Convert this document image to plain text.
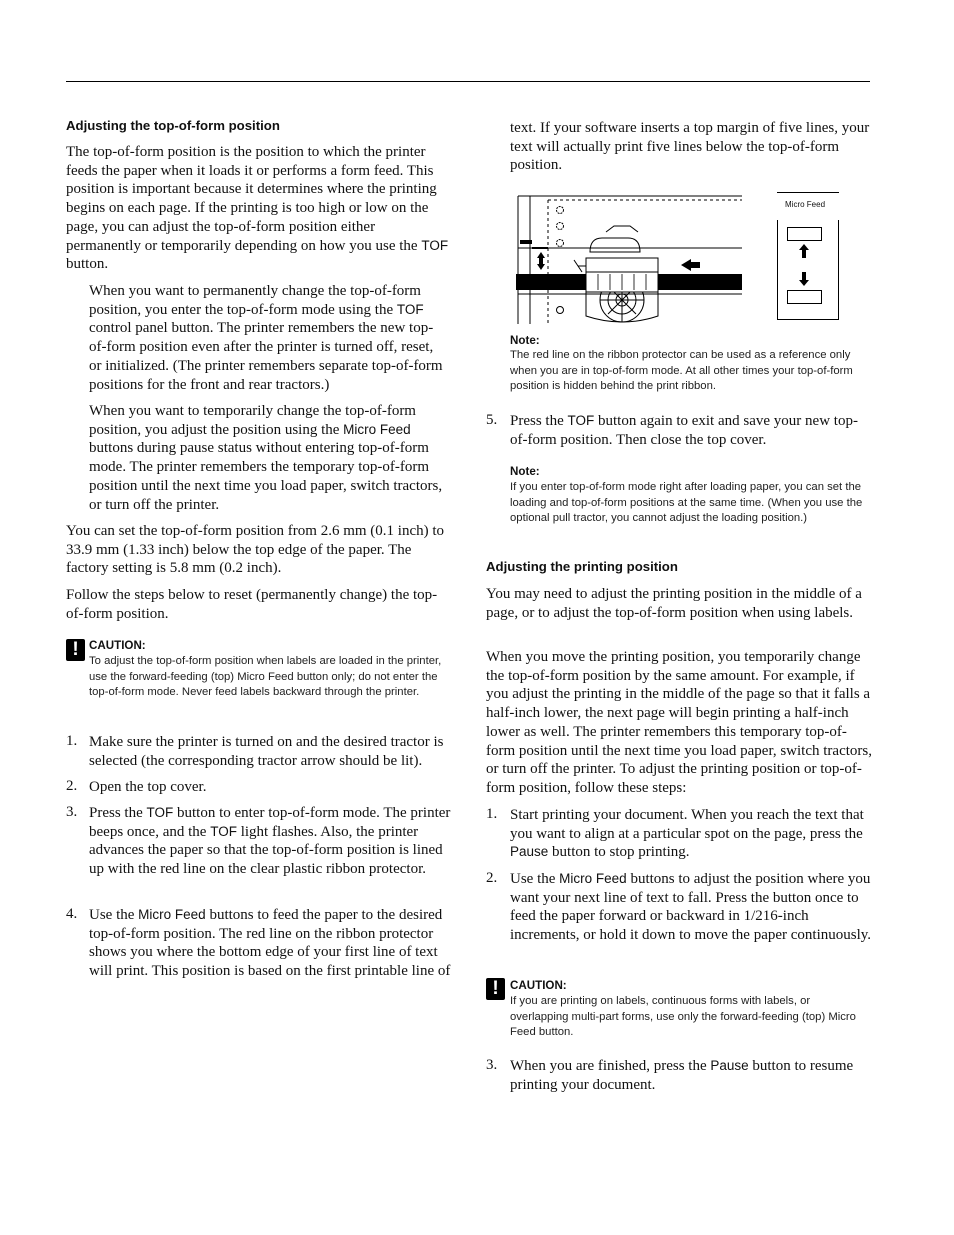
Adjusting the top-of-form position

The top-of-form position is the position to which the printer feeds the paper when it loads it or performs a form feed. This position is important because it determines where the printing begins on each page. If the printing is too high or low on the page, you can adjust the top-of-form position either permanently or temporarily depending on how you use the TOF button.

When you want to permanently change the top-of-form position, you enter the top-of-form mode using the TOF control panel button. The printer remembers the new top-of-form position even after the printer is turned off, reset, or initialized. (The printer remembers separate top-of-form positions for the front and rear tractors.)

When you want to temporarily change the top-of-form position, you adjust the position using the Micro Feed buttons during pause status without entering top-of-form mode. The printer remembers the temporary top-of-form position until the next time you load paper, switch tractors, or turn off the printer.

You can set the top-of-form position from 2.6 mm (0.1 inch) to 33.9 mm (1.33 inch) below the top edge of the paper. The factory setting is 5.8 mm (0.2 inch).

Follow the steps below to reset (permanently change) the top-of-form position.

! CAUTION:
To adjust the top-of-form position when labels are loaded in the printer, use the forward-feeding (top) Micro Feed button only; do not enter the top-of-form mode. Never feed labels backward through the printer.
1. Make sure the printer is turned on and the desired tractor is selected (the corresponding tractor arrow should be lit).

2. Open the top cover.

3. Press the TOF button to enter top-of-form mode. The printer beeps once, and the TOF light flashes. Also, the printer advances the paper so that the top-of-form position is lined up with the red line on the clear plastic ribbon protector.

4. Use the Micro Feed buttons to feed the paper to the desired top-of-form position. The red line on the ribbon protector shows you where the bottom edge of your first line of text will print. This position is based on the first printable line of

text. If your software inserts a top margin of five lines, your text will actually print five lines below the top-of-form position.

Micro Feed
Note:
The red line on the ribbon protector can be used as a reference only when you are in top-of-form mode. At all other times your top-of-form position is hidden behind the print ribbon.
5. Press the TOF button again to exit and save your new top-of-form position. Then close the top cover.

Note:
If you enter top-of-form mode right after loading paper, you can set the loading and top-of-form positions at the same time. (When you use the optional pull tractor, you cannot adjust the loading position.)
Adjusting the printing position

You may need to adjust the printing position in the middle of a page, or to adjust the top-of-form position when using labels.

When you move the printing position, you temporarily change the top-of-form position by the same amount. For example, if you adjust the printing in the middle of the page so that it falls a half-inch lower, the next page will begin printing a half-inch lower as well. The printer remembers this temporary top-of-form position until the next time you load paper, switch tractors, or turn off the printer. To adjust the printing position or top-of-form position, follow these steps:

1. Start printing your document. When you reach the text that you want to align at a particular spot on the page, press the Pause button to stop printing.

2. Use the Micro Feed buttons to adjust the position where you want your next line of text to fall. Press the button once to feed the paper forward or backward in 1/216-inch increments, or hold it down to move the paper continuously.

! CAUTION:
If you are printing on labels, continuous forms with labels, or overlapping multi-part forms, use only the forward-feeding (top) Micro Feed button.
3. When you are finished, press the Pause button to resume printing your document.
